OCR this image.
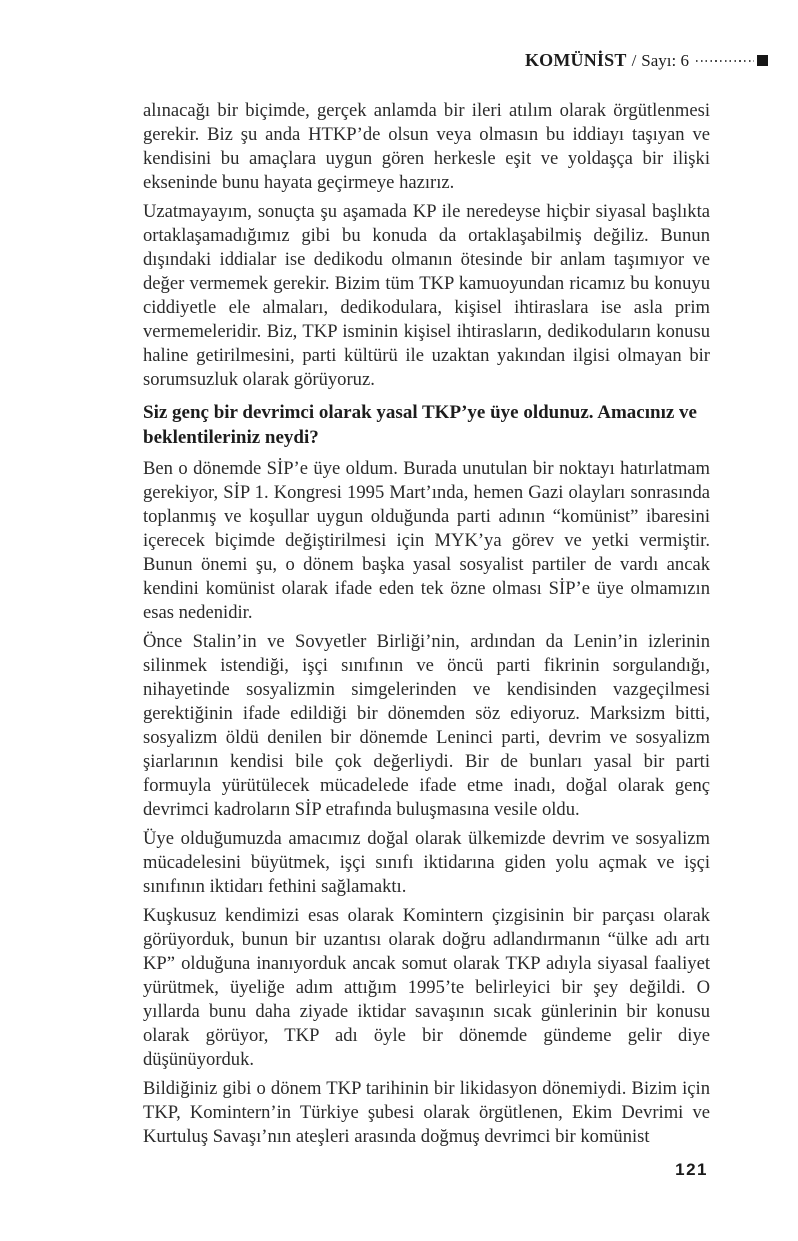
KOMÜNİST / Sayı: 6

alınacağı bir biçimde, gerçek anlamda bir ileri atılım olarak örgütlenmesi gerekir. Biz şu anda HTKP’de olsun veya olmasın bu iddiayı taşıyan ve kendisini bu amaçlara uygun gören herkesle eşit ve yoldaşça bir ilişki ekseninde bunu hayata geçirmeye hazırız.

Uzatmayayım, sonuçta şu aşamada KP ile neredeyse hiçbir siyasal başlıkta ortaklaşamadığımız gibi bu konuda da ortaklaşabilmiş değiliz. Bunun dışındaki iddialar ise dedikodu olmanın ötesinde bir anlam taşımıyor ve değer vermemek gerekir. Bizim tüm TKP kamuoyundan ricamız bu konuyu ciddiyetle ele almaları, dedikodulara, kişisel ihtiraslara ise asla prim vermemeleridir. Biz, TKP isminin kişisel ihtirasların, dedikoduların konusu haline getirilmesini, parti kültürü ile uzaktan yakından ilgisi olmayan bir sorumsuzluk olarak görüyoruz.

Siz genç bir devrimci olarak yasal TKP’ye üye oldunuz. Amacınız ve beklentileriniz neydi?

Ben o dönemde SİP’e üye oldum. Burada unutulan bir noktayı hatırlatmam gerekiyor, SİP 1. Kongresi 1995 Mart’ında, hemen Gazi olayları sonrasında toplanmış ve koşullar uygun olduğunda parti adının “komünist” ibaresini içerecek biçimde değiştirilmesi için MYK’ya görev ve yetki vermiştir. Bunun önemi şu, o dönem başka yasal sosyalist partiler de vardı ancak kendini komünist olarak ifade eden tek özne olması SİP’e üye olmamızın esas nedenidir.

Önce Stalin’in ve Sovyetler Birliği’nin, ardından da Lenin’in izlerinin silinmek istendiği, işçi sınıfının ve öncü parti fikrinin sorgulandığı, nihayetinde sosyalizmin simgelerinden ve kendisinden vazgeçilmesi gerektiğinin ifade edildiği bir dönemden söz ediyoruz. Marksizm bitti, sosyalizm öldü denilen bir dönemde Leninci parti, devrim ve sosyalizm şiarlarının kendisi bile çok değerliydi. Bir de bunları yasal bir parti formuyla yürütülecek mücadelede ifade etme inadı, doğal olarak genç devrimci kadroların SİP etrafında buluşmasına vesile oldu.

Üye olduğumuzda amacımız doğal olarak ülkemizde devrim ve sosyalizm mücadelesini büyütmek, işçi sınıfı iktidarına giden yolu açmak ve işçi sınıfının iktidarı fethini sağlamaktı.

Kuşkusuz kendimizi esas olarak Komintern çizgisinin bir parçası olarak görüyorduk, bunun bir uzantısı olarak doğru adlandırmanın “ülke adı artı KP” olduğuna inanıyorduk ancak somut olarak TKP adıyla siyasal faaliyet yürütmek, üyeliğe adım attığım 1995’te belirleyici bir şey değildi. O yıllarda bunu daha ziyade iktidar savaşının sıcak günlerinin bir konusu olarak görüyor, TKP adı öyle bir dönemde gündeme gelir diye düşünüyorduk.

Bildiğiniz gibi o dönem TKP tarihinin bir likidasyon dönemiydi. Bizim için TKP, Komintern’in Türkiye şubesi olarak örgütlenen, Ekim Devrimi ve Kurtuluş Savaşı’nın ateşleri arasında doğmuş devrimci bir komünist

121
